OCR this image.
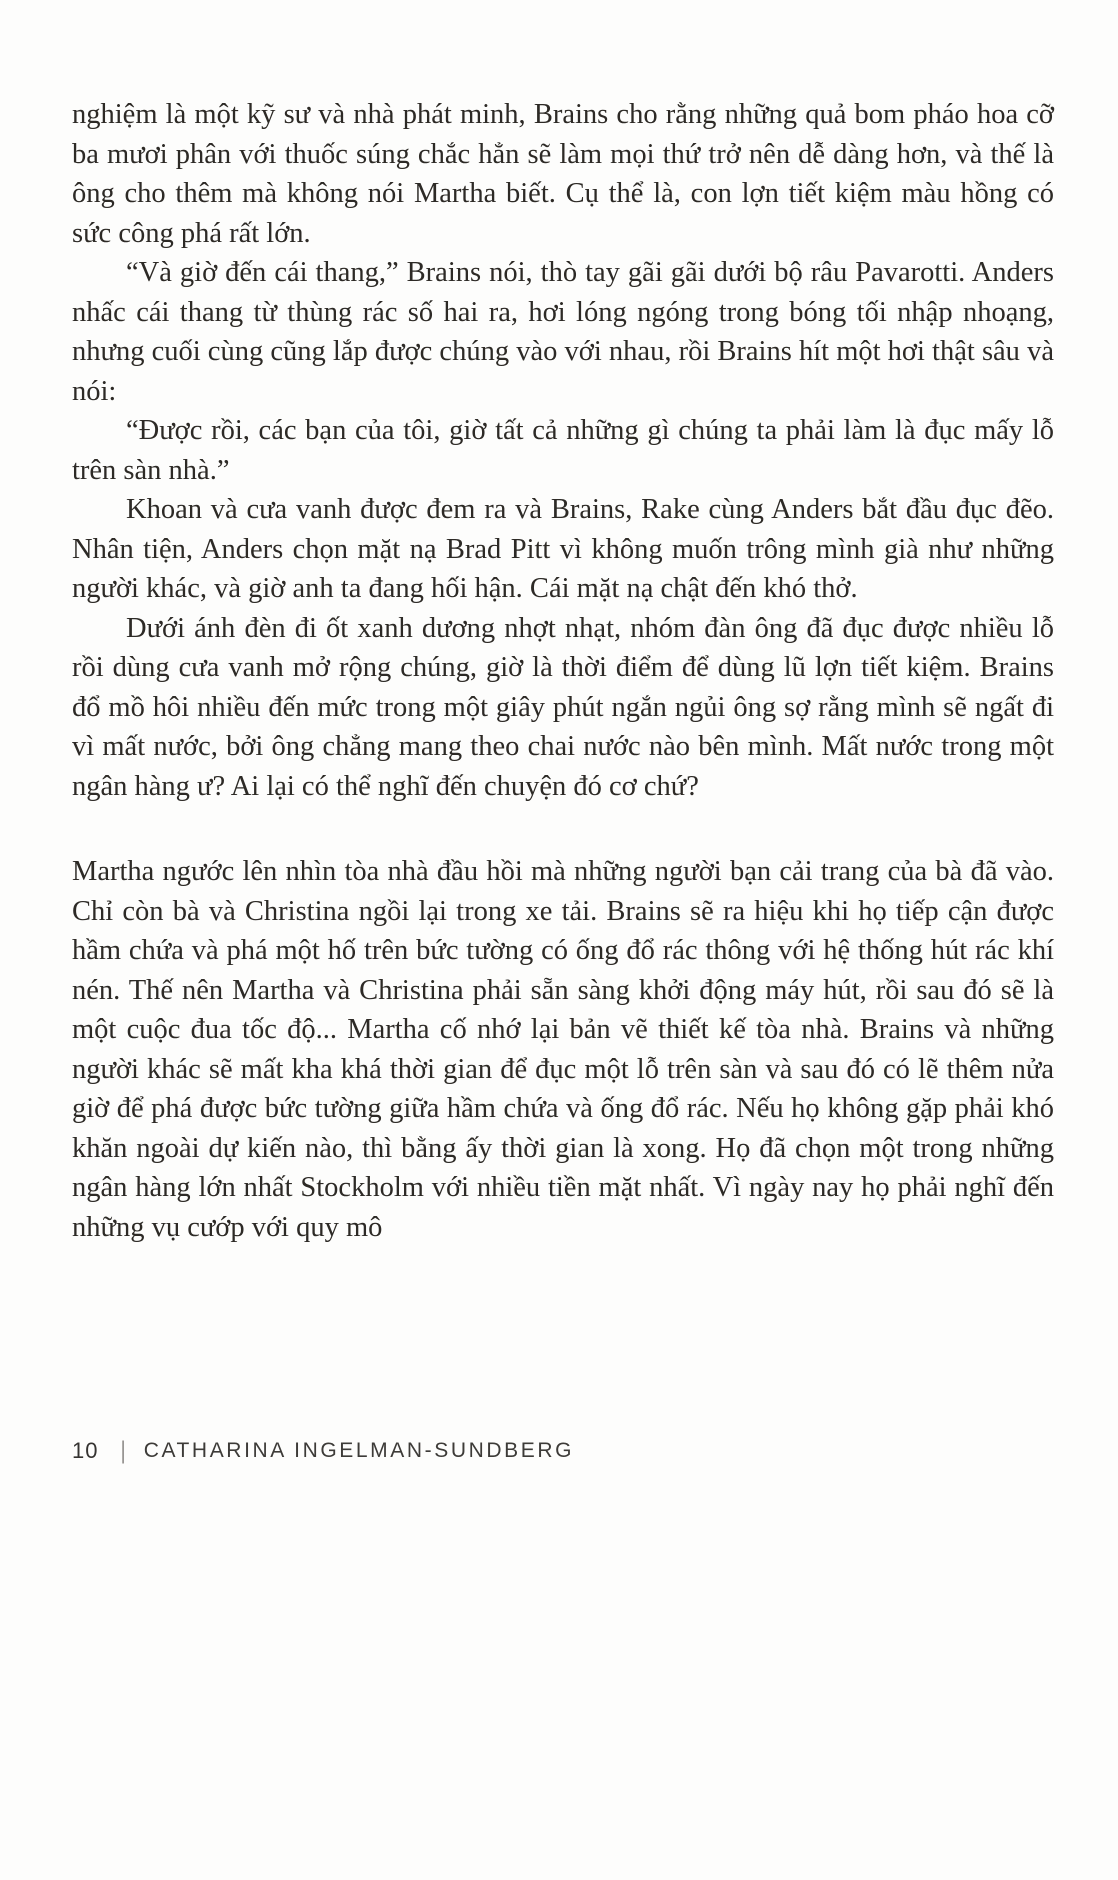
nghiệm là một kỹ sư và nhà phát minh, Brains cho rằng những quả bom pháo hoa cỡ ba mươi phân với thuốc súng chắc hẳn sẽ làm mọi thứ trở nên dễ dàng hơn, và thế là ông cho thêm mà không nói Martha biết. Cụ thể là, con lợn tiết kiệm màu hồng có sức công phá rất lớn.

“Và giờ đến cái thang,” Brains nói, thò tay gãi gãi dưới bộ râu Pavarotti. Anders nhấc cái thang từ thùng rác số hai ra, hơi lóng ngóng trong bóng tối nhập nhoạng, nhưng cuối cùng cũng lắp được chúng vào với nhau, rồi Brains hít một hơi thật sâu và nói:

“Được rồi, các bạn của tôi, giờ tất cả những gì chúng ta phải làm là đục mấy lỗ trên sàn nhà.”

Khoan và cưa vanh được đem ra và Brains, Rake cùng Anders bắt đầu đục đẽo. Nhân tiện, Anders chọn mặt nạ Brad Pitt vì không muốn trông mình già như những người khác, và giờ anh ta đang hối hận. Cái mặt nạ chật đến khó thở.

Dưới ánh đèn đi ốt xanh dương nhợt nhạt, nhóm đàn ông đã đục được nhiều lỗ rồi dùng cưa vanh mở rộng chúng, giờ là thời điểm để dùng lũ lợn tiết kiệm. Brains đổ mồ hôi nhiều đến mức trong một giây phút ngắn ngủi ông sợ rằng mình sẽ ngất đi vì mất nước, bởi ông chẳng mang theo chai nước nào bên mình. Mất nước trong một ngân hàng ư? Ai lại có thể nghĩ đến chuyện đó cơ chứ?

Martha ngước lên nhìn tòa nhà đầu hồi mà những người bạn cải trang của bà đã vào. Chỉ còn bà và Christina ngồi lại trong xe tải. Brains sẽ ra hiệu khi họ tiếp cận được hầm chứa và phá một hố trên bức tường có ống đổ rác thông với hệ thống hút rác khí nén. Thế nên Martha và Christina phải sẵn sàng khởi động máy hút, rồi sau đó sẽ là một cuộc đua tốc độ... Martha cố nhớ lại bản vẽ thiết kế tòa nhà. Brains và những người khác sẽ mất kha khá thời gian để đục một lỗ trên sàn và sau đó có lẽ thêm nửa giờ để phá được bức tường giữa hầm chứa và ống đổ rác. Nếu họ không gặp phải khó khăn ngoài dự kiến nào, thì bằng ấy thời gian là xong. Họ đã chọn một trong những ngân hàng lớn nhất Stockholm với nhiều tiền mặt nhất. Vì ngày nay họ phải nghĩ đến những vụ cướp với quy mô

10 | CATHARINA INGELMAN-SUNDBERG
